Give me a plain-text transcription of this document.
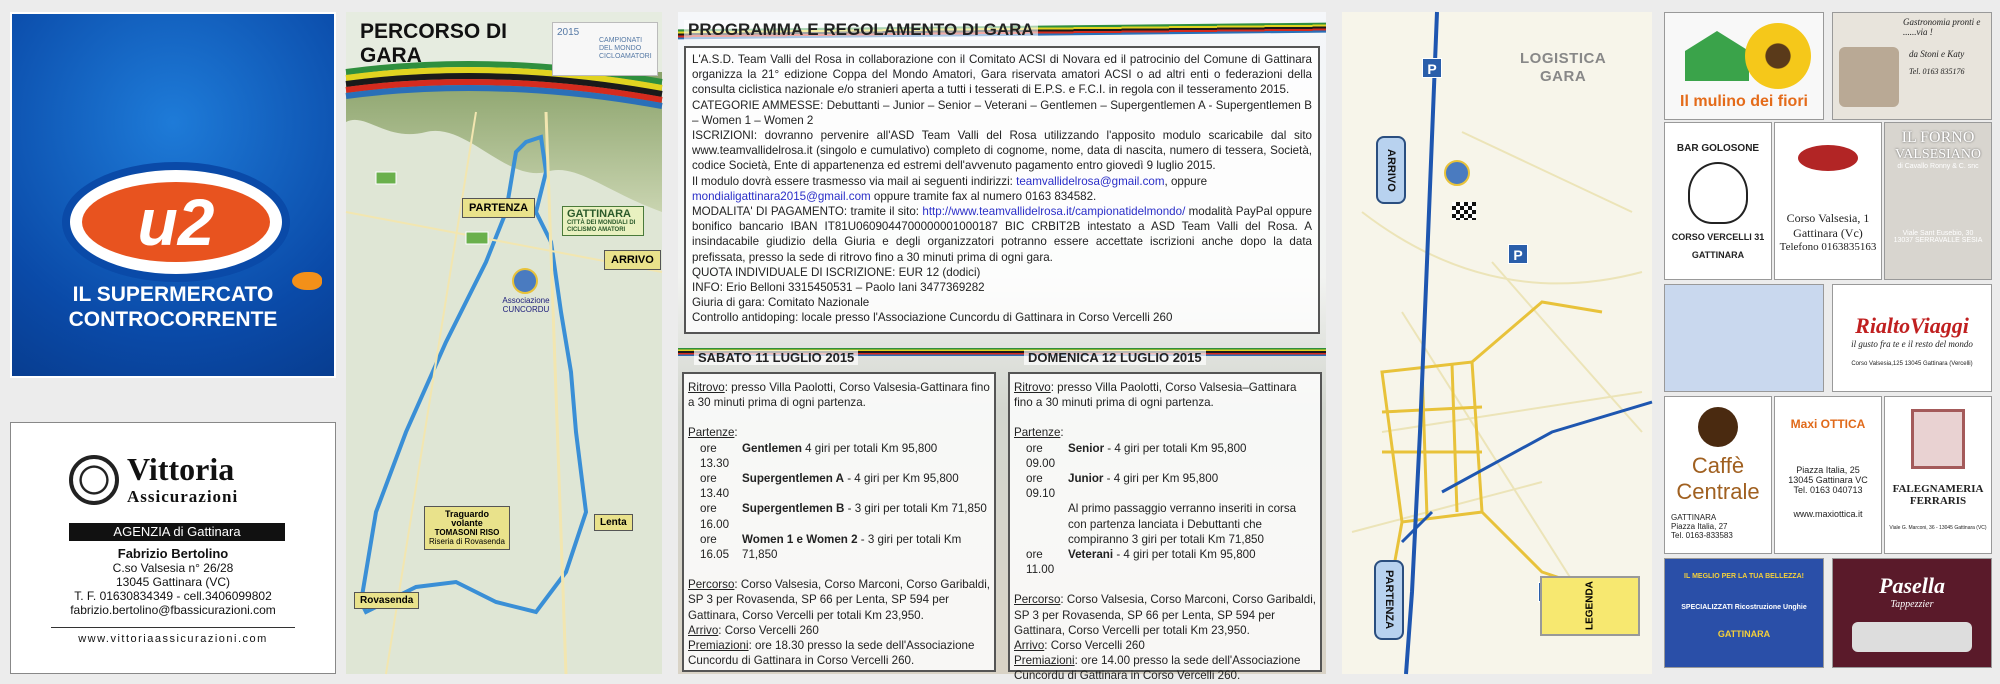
u2
IL SUPERMERCATO
CONTROCORRENTE
Vittoria
Assicurazioni
AGENZIA di Gattinara
Fabrizio Bertolino
C.so Valsesia n° 26/28
13045 Gattinara (VC)
T. F. 01630834349 - cell.3406099802
fabrizio.bertolino@fbassicurazioni.com
www.vittoriaassicurazioni.com
PERCORSO DI
GARA
2015
CAMPIONATI DEL MONDO CICLOAMATORI
PARTENZA	GATTINARA
CITTÀ DEI MONDIALI DI CICLISMO AMATORI
ARRIVO
Associazione CUNCORDU
Traguardo
volante
TOMASONI RISO
Riseria di Rovasenda
Lenta
Rovasenda
PROGRAMMA E REGOLAMENTO DI GARA
L'A.S.D. Team Valli del Rosa in collaborazione con il Comitato ACSI di Novara ed il patrocinio del Comune di Gattinara organizza la 21° edizione Coppa del Mondo Amatori, Gara riservata amatori ACSI o ad altri enti o federazioni della consulta ciclistica nazionale e/o stranieri aperta a tutti i tesserati di E.P.S. e F.C.I. in regola con il tesseramento 2015.
CATEGORIE AMMESSE: Debuttanti – Junior – Senior – Veterani – Gentlemen – Supergentlemen A - Supergentlemen B – Women 1 – Women 2
ISCRIZIONI: dovranno pervenire all'ASD Team Valli del Rosa utilizzando l'apposito modulo scaricabile dal sito www.teamvallidelrosa.it (singolo e cumulativo) completo di cognome, nome, data di nascita, numero di tessera, Società, codice Società, Ente di appartenenza ed estremi dell'avvenuto pagamento entro giovedì 9 luglio 2015.
Il modulo dovrà essere trasmesso via mail ai seguenti indirizzi: teamvallidelrosa@gmail.com, oppure
mondialigattinara2015@gmail.com oppure tramite fax al numero 0163 834582.
MODALITA' DI PAGAMENTO: tramite il sito: http://www.teamvallidelrosa.it/campionatidelmondo/ modalità PayPal oppure bonifico bancario IBAN IT81U0609044700000001000187 BIC CRBIT2B intestato a ASD Team Valli del Rosa. A insindacabile giudizio della Giuria e degli organizzatori potranno essere accettate iscrizioni anche dopo la data prefissata, presso la sede di ritrovo fino a 30 minuti prima di ogni gara.
QUOTA INDIVIDUALE DI ISCRIZIONE: EUR 12 (dodici)
INFO: Erio Belloni 3315450531 – Paolo Iani 3477369282
Giuria di gara: Comitato Nazionale
Controllo antidoping: locale presso l'Associazione Cuncordu di Gattinara in Corso Vercelli 260
SABATO 11 LUGLIO 2015	DOMENICA 12 LUGLIO 2015
Ritrovo: presso Villa Paolotti, Corso Valsesia-Gattinara fino a 30 minuti prima di ogni partenza.
Partenze:
ore 13.30
Gentlemen 4 giri per totali Km 95,800
ore 13.40
Supergentlemen A - 4 giri per Km 95,800
ore 16.00
Supergentlemen B - 3 giri per totali Km 71,850
ore 16.05
Women 1 e Women 2 - 3 giri per totali Km 71,850
Percorso: Corso Valsesia, Corso Marconi, Corso Garibaldi, SP 3 per Rovasenda, SP 66 per Lenta, SP 594 per Gattinara, Corso Vercelli per totali Km 23,950.
Arrivo: Corso Vercelli 260
Premiazioni: ore 18.30 presso la sede dell'Associazione Cuncordu di Gattinara in Corso Vercelli 260.
Ritrovo: presso Villa Paolotti, Corso Valsesia–Gattinara fino a 30 minuti prima di ogni partenza.
Partenze:
ore 09.00
Senior - 4 giri per totali Km 95,800
ore 09.10
Junior - 4 giri per Km 95,800
Al primo passaggio verranno inseriti in corsa con partenza lanciata i Debuttanti che compiranno 3 giri per totali Km 71,850
ore 11.00
Veterani - 4 giri per totali Km 95,800
Percorso: Corso Valsesia, Corso Marconi, Corso Garibaldi, SP 3 per Rovasenda, SP 66 per Lenta, SP 594 per Gattinara, Corso Vercelli per totali Km 23,950.
Arrivo: Corso Vercelli 260
Premiazioni: ore 14.00 presso la sede dell'Associazione Cuncordu di Gattinara in Corso Vercelli 260.
LOGISTICA
GARA
P
P
ARRIVO
PARTENZA	LEGENDA
Il mulino dei fiori
Gastronomia pronti e ......via !
da Stoni e Katy
Tel. 0163 835176
BAR GOLOSONE
CORSO VERCELLI 31
GATTINARA
Corso Valsesia, 1
Gattinara (Vc)
Telefono 0163835163
IL FORNO
VALSESIANO
di Cavallo Ronny & C. snc
Viale Sant Eusebio, 30
13037 SERRAVALLE SESIA
RialtoViaggi
il gusto fra te e il resto del mondo
Corso Valsesia,125 13045 Gattinara (Vercelli)
Caffè
Centrale
GATTINARA
Piazza Italia, 27
Tel. 0163-833583
Maxi OTTICA
Piazza Italia, 25
13045 Gattinara VC
Tel. 0163 040713
www.maxiottica.it
FALEGNAMERIA
FERRARIS
Viale G. Marconi, 36 - 13045 Gattinara (VC)
IL MEGLIO PER LA TUA BELLEZZA!
SPECIALIZZATI Ricostruzione Unghie
GATTINARA
Pasella
Tappezzier
